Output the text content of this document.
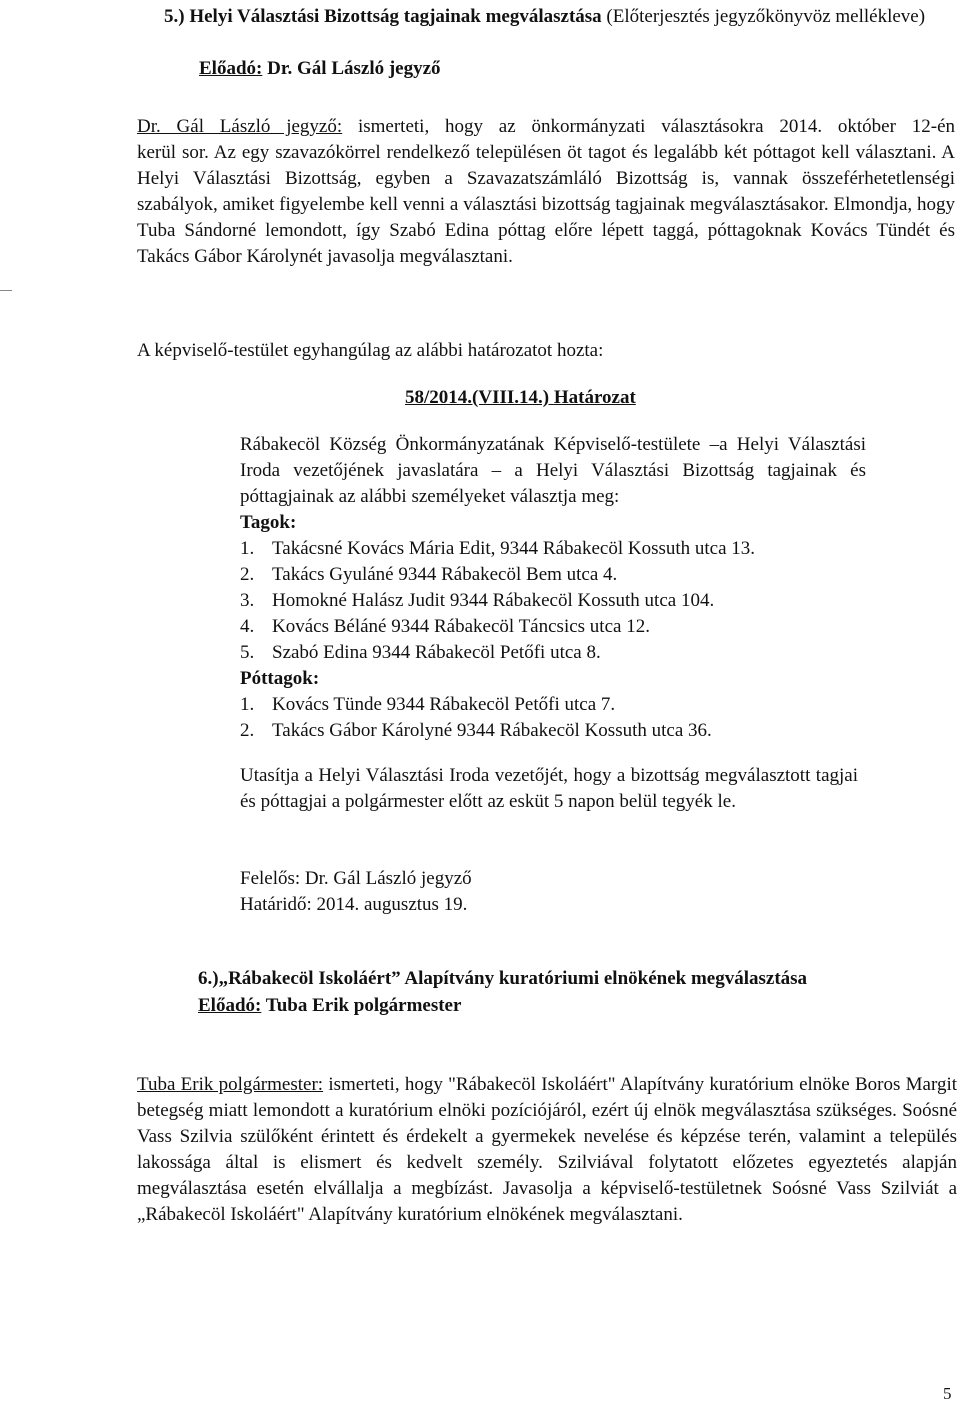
5.) Helyi Választási Bizottság tagjainak megválasztása (Előterjesztés jegyzőkönyvöz mellékleve)
Előadó: Dr. Gál László jegyző
Dr. Gál László jegyző: ismerteti, hogy az önkormányzati választásokra 2014. október 12-én
kerül sor. Az egy szavazókörrel rendelkező településen öt tagot és legalább két póttagot kell választani. A Helyi Választási Bizottság, egyben a Szavazatszámláló Bizottság is, vannak összeférhetetlenségi szabályok, amiket figyelembe kell venni a választási bizottság tagjainak megválasztásakor. Elmondja, hogy Tuba Sándorné lemondott, így Szabó Edina póttag előre lépett taggá, póttagoknak Kovács Tündét és Takács Gábor Károlynét javasolja megválasztani.
A képviselő-testület egyhangúlag az alábbi határozatot hozta:
58/2014.(VIII.14.) Határozat
Rábakecöl Község Önkormányzatának Képviselő-testülete –a Helyi Választási Iroda vezetőjének javaslatára – a Helyi Választási Bizottság tagjainak és póttagjainak az alábbi személyeket választja meg:
Tagok:
1. Takácsné Kovács Mária Edit, 9344 Rábakecöl Kossuth utca 13.
2. Takács Gyuláné 9344 Rábakecöl Bem utca 4.
3. Homokné Halász Judit 9344 Rábakecöl Kossuth utca 104.
4. Kovács Béláné 9344 Rábakecöl Táncsics utca 12.
5. Szabó Edina 9344 Rábakecöl Petőfi utca 8.
Póttagok:
1. Kovács Tünde 9344 Rábakecöl Petőfi utca 7.
2. Takács Gábor Károlyné 9344 Rábakecöl Kossuth utca 36.
Utasítja a Helyi Választási Iroda vezetőjét, hogy a bizottság megválasztott tagjai és póttagjai a polgármester előtt az esküt 5 napon belül tegyék le.
Felelős: Dr. Gál László jegyző
Határidő: 2014. augusztus 19.
6.)„Rábakecöl Iskoláért” Alapítvány kuratóriumi elnökének megválasztása
Előadó: Tuba Erik polgármester
Tuba Erik polgármester: ismerteti, hogy "Rábakecöl Iskoláért" Alapítvány kuratórium elnöke Boros Margit betegség miatt lemondott a kuratórium elnöki pozíciójáról, ezért új elnök megválasztása szükséges. Soósné Vass Szilvia szülőként érintett és érdekelt a gyermekek nevelése és képzése terén, valamint a település lakossága által is elismert és kedvelt személy. Szilviával folytatott előzetes egyeztetés alapján megválasztása esetén elvállalja a megbízást. Javasolja a képviselő-testületnek Soósné Vass Szilviát a „Rábakecöl Iskoláért" Alapítvány kuratórium elnökének megválasztani.
5
